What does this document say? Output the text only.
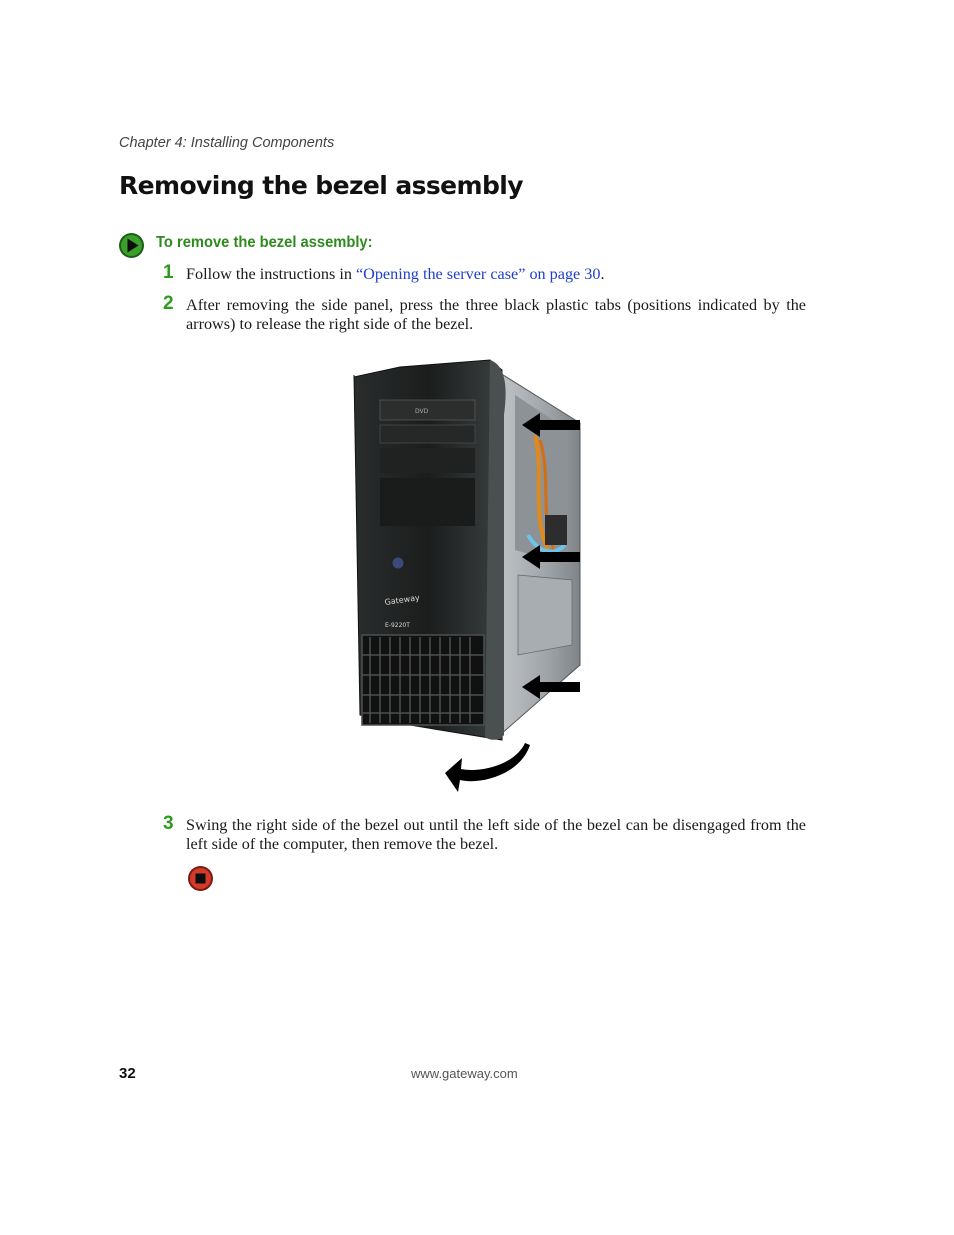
Chapter 4: Installing Components
Removing the bezel assembly
To remove the bezel assembly:
1 Follow the instructions in “Opening the server case” on page 30.
2 After removing the side panel, press the three black plastic tabs (positions indicated by the arrows) to release the right side of the bezel.
DVD
Gateway
E-9220T
3 Swing the right side of the bezel out until the left side of the bezel can be disengaged from the left side of the computer, then remove the bezel.
32	www.gateway.com
